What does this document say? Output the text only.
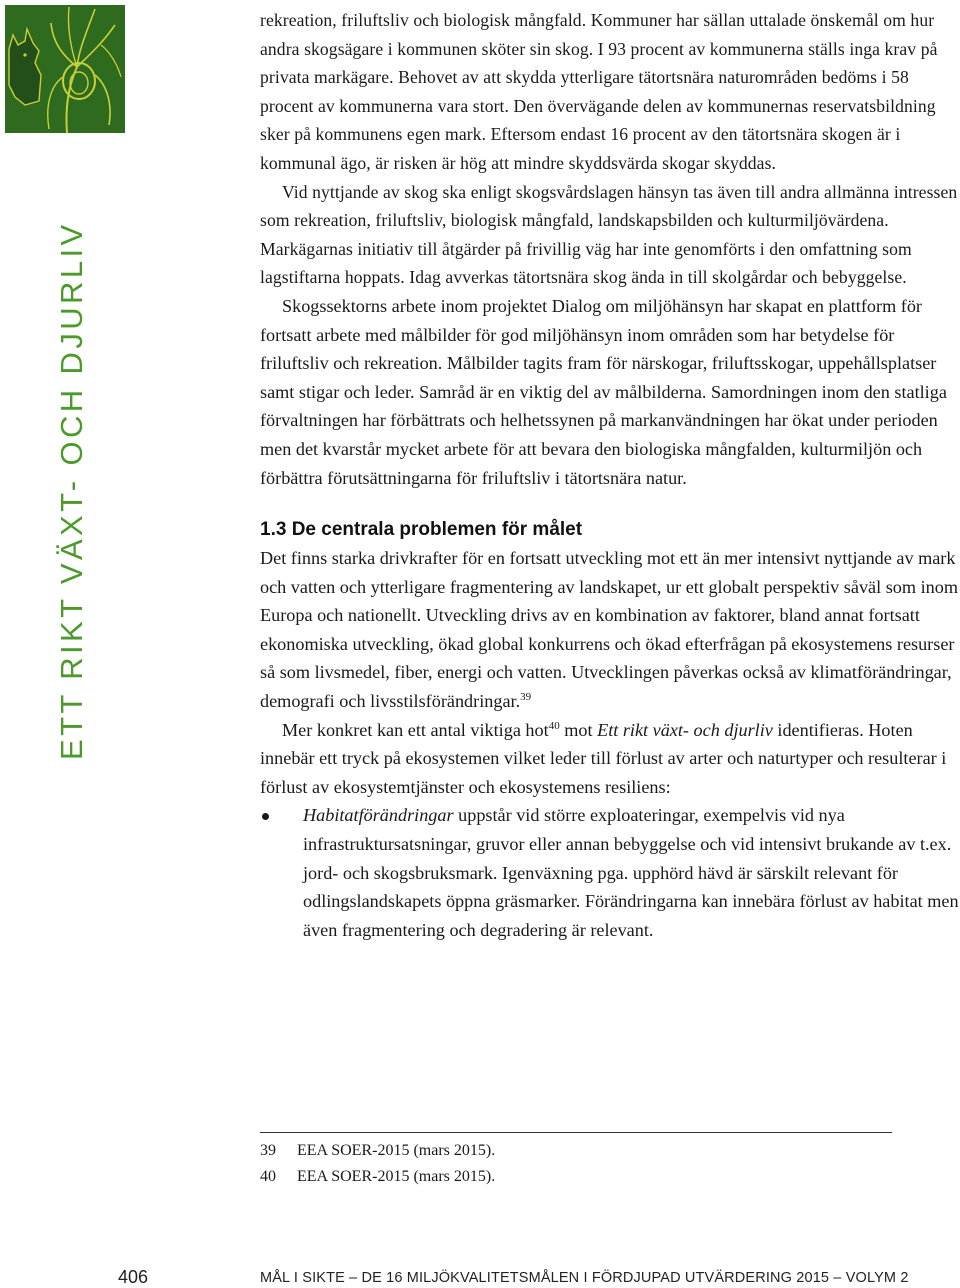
ETT RIKT VÄXT- OCH DJURLIV

rekreation, friluftsliv och biologisk mångfald. Kommuner har sällan uttalade önskemål om hur andra skogsägare i kommunen sköter sin skog. I 93 procent av kommunerna ställs inga krav på privata markägare. Behovet av att skydda ytterligare tätortsnära naturområden bedöms i 58 procent av kommunerna vara stort. Den övervägande delen av kommunernas reservatsbildning sker på kommunens egen mark. Eftersom endast 16 procent av den tätortsnära skogen är i kommunal ägo, är risken är hög att mindre skyddsvärda skogar skyddas.

Vid nyttjande av skog ska enligt skogsvårdslagen hänsyn tas även till andra allmänna intressen som rekreation, friluftsliv, biologisk mångfald, landskapsbilden och kulturmiljövärdena. Markägarnas initiativ till åtgärder på frivillig väg har inte genomförts i den omfattning som lagstiftarna hoppats. Idag avverkas tätortsnära skog ända in till skolgårdar och bebyggelse.

Skogssektorns arbete inom projektet Dialog om miljöhänsyn har skapat en plattform för fortsatt arbete med målbilder för god miljöhänsyn inom områden som har betydelse för friluftsliv och rekreation. Målbilder tagits fram för närskogar, friluftsskogar, uppehållsplatser samt stigar och leder. Samråd är en viktig del av målbilderna. Samordningen inom den statliga förvaltningen har förbättrats och helhetssynen på markanvändningen har ökat under perioden men det kvarstår mycket arbete för att bevara den biologiska mångfalden, kulturmiljön och förbättra förutsättningarna för friluftsliv i tätortsnära natur.

1.3 De centrala problemen för målet

Det finns starka drivkrafter för en fortsatt utveckling mot ett än mer intensivt nyttjande av mark och vatten och ytterligare fragmentering av landskapet, ur ett globalt perspektiv såväl som inom Europa och nationellt. Utveckling drivs av en kombination av faktorer, bland annat fortsatt ekonomiska utveckling, ökad global konkurrens och ökad efterfrågan på ekosystemens resurser så som livsmedel, fiber, energi och vatten. Utvecklingen påverkas också av klimatförändringar, demografi och livsstilsförändringar.$^{39}$

Mer konkret kan ett antal viktiga hot$^{40}$ mot Ett rikt växt- och djurliv identifieras. Hoten innebär ett tryck på ekosystemen vilket leder till förlust av arter och naturtyper och resulterar i förlust av ekosystemtjänster och ekosystemens resiliens:

Habitatförändringar uppstår vid större exploateringar, exempelvis vid nya infrastruktursatsningar, gruvor eller annan bebyggelse och vid intensivt brukande av t.ex. jord- och skogsbruksmark. Igenväxning pga. upphörd hävd är särskilt relevant för odlingslandskapets öppna gräsmarker. Förändringarna kan innebära förlust av habitat men även fragmentering och degradering är relevant.
39 EEA SOER-2015 (mars 2015).
40 EEA SOER-2015 (mars 2015).
406	MÅL I SIKTE – DE 16 MILJÖKVALITETSMÅLEN I FÖRDJUPAD UTVÄRDERING 2015 – VOLYM 2
